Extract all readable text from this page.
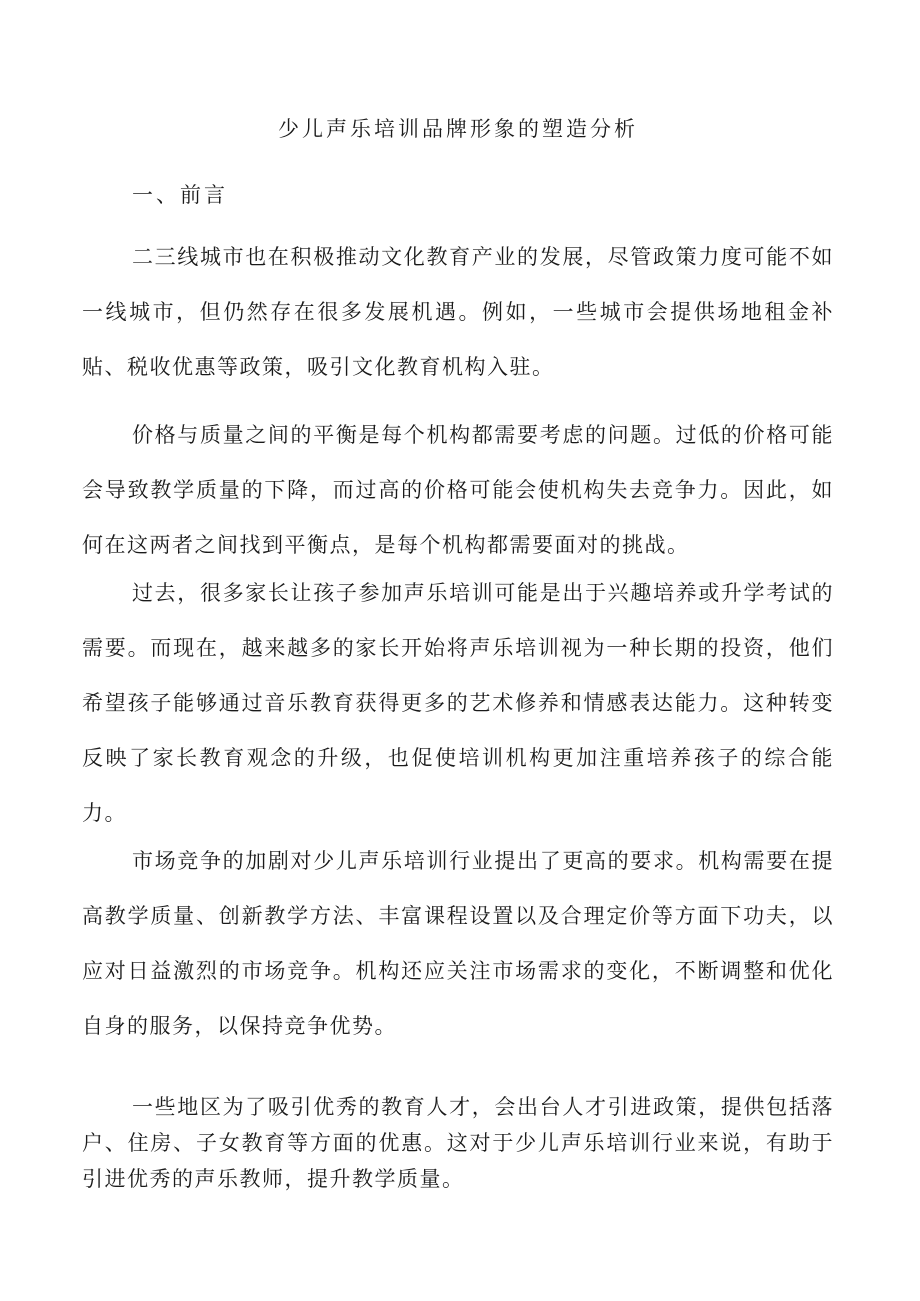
少儿声乐培训品牌形象的塑造分析
一、前言

二三线城市也在积极推动文化教育产业的发展，尽管政策力度可能不如一线城市，但仍然存在很多发展机遇。例如，一些城市会提供场地租金补贴、税收优惠等政策，吸引文化教育机构入驻。

价格与质量之间的平衡是每个机构都需要考虑的问题。过低的价格可能会导致教学质量的下降，而过高的价格可能会使机构失去竞争力。因此，如何在这两者之间找到平衡点，是每个机构都需要面对的挑战。

过去，很多家长让孩子参加声乐培训可能是出于兴趣培养或升学考试的需要。而现在，越来越多的家长开始将声乐培训视为一种长期的投资，他们希望孩子能够通过音乐教育获得更多的艺术修养和情感表达能力。这种转变反映了家长教育观念的升级，也促使培训机构更加注重培养孩子的综合能力。

市场竞争的加剧对少儿声乐培训行业提出了更高的要求。机构需要在提高教学质量、创新教学方法、丰富课程设置以及合理定价等方面下功夫，以应对日益激烈的市场竞争。机构还应关注市场需求的变化，不断调整和优化自身的服务，以保持竞争优势。

一些地区为了吸引优秀的教育人才，会出台人才引进政策，提供包括落户、住房、子女教育等方面的优惠。这对于少儿声乐培训行业来说，有助于引进优秀的声乐教师，提升教学质量。
